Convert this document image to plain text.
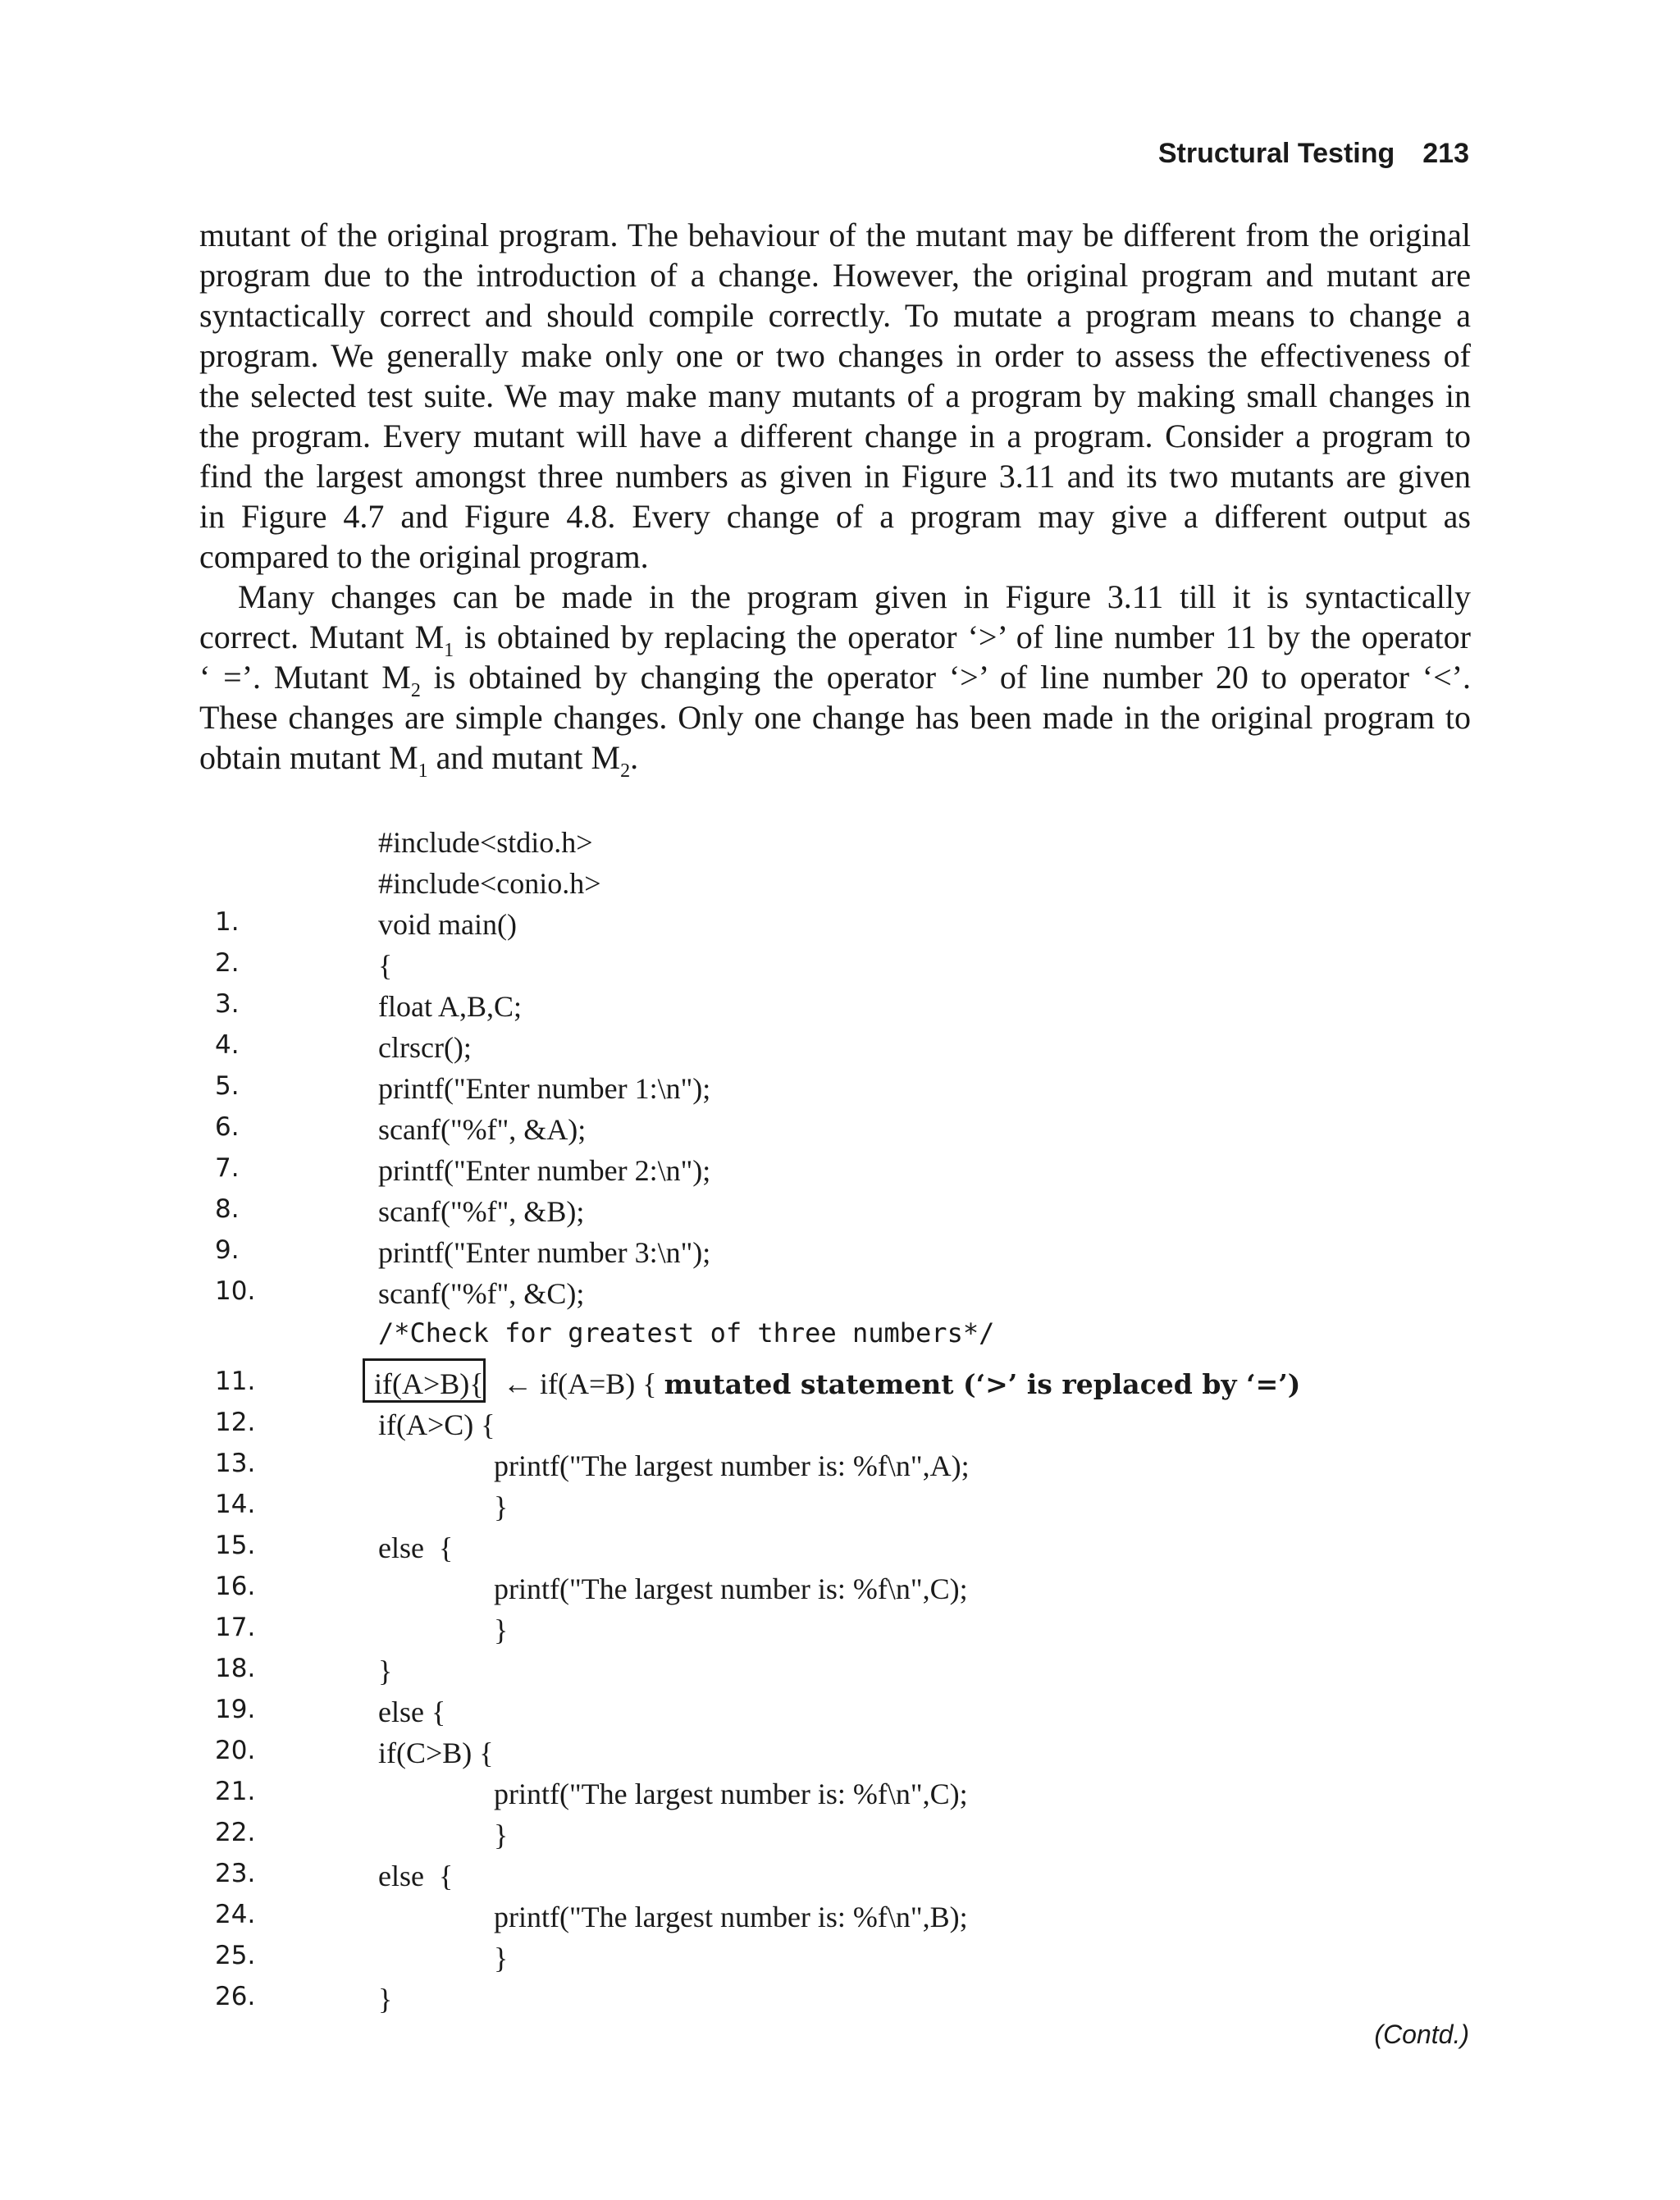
Structural Testing 213
mutant of the original program. The behaviour of the mutant may be different from the original
program due to the introduction of a change. However, the original program and mutant are
syntactically correct and should compile correctly. To mutate a program means to change a
program. We generally make only one or two changes in order to assess the effectiveness of
the selected test suite. We may make many mutants of a program by making small changes in
the program. Every mutant will have a different change in a program. Consider a program to
find the largest amongst three numbers as given in Figure 3.11 and its two mutants are given
in Figure 4.7 and Figure 4.8. Every change of a program may give a different output as
compared to the original program.
Many changes can be made in the program given in Figure 3.11 till it is syntactically
correct. Mutant $M_1$ is obtained by replacing the operator ‘>’ of line number 11 by the operator
‘ =’. Mutant $M_2$ is obtained by changing the operator ‘>’ of line number 20 to operator ‘<’.
These changes are simple changes. Only one change has been made in the original program to
obtain mutant $M_1$ and mutant $M_2$.
#include<stdio.h>
#include<conio.h>
1.	void main()
2.	{
3.	float A,B,C;
4.	clrscr();
5.	printf("Enter number 1:\n");
6.	scanf("%f", &A);
7.	printf("Enter number 2:\n");
8.	scanf("%f", &B);
9.	printf("Enter number 3:\n");
10.	scanf("%f", &C);
/*Check for greatest of three numbers*/
11.	if(A>B){ ← if(A=B) { mutated statement (‘>’ is replaced by ‘=’)
12.	if(A>C) {
13.	printf("The largest number is: %f\n",A);
14.	}
15.	else  {
16.	printf("The largest number is: %f\n",C);
17.	}
18.	}
19.	else {
20.	if(C>B) {
21.	printf("The largest number is: %f\n",C);
22.	}
23.	else  {
24.	printf("The largest number is: %f\n",B);
25.	}
26.	}
(Contd.)
